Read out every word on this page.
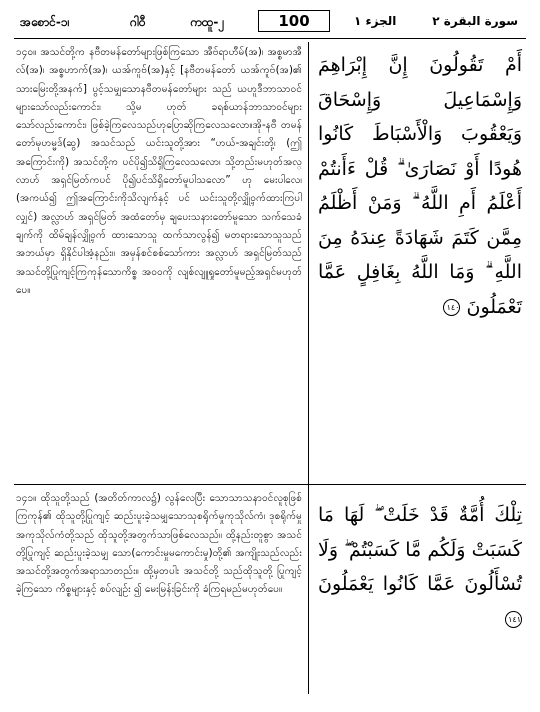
အစောင်-၁၊	ဂါဝီ	ကထူ-၂	100	الجزء ١	سورة البقرة ٢
၁၄၀။ အသင်တို့က နဗီတမန်တော်များဖြစ်ကြသော အီဗ်ရာဟီမ်(အ)၊ အစ္စမာအီလ်(အ)၊ အစ္စဟာက်(အ)၊ ယအ်ကူဗ်(အ)နှင့် [နဗီတမန်တော် ယအ်ကူဗ်(အ)၏ သားမြေးတို့အနက်] ပွင့်သမျှသောနဗီတမန်တော်များ သည် ယဟူဒီဘာသာဝင်များသော်လည်းကောင်း၊ သို့မ ဟုတ် ခရစ်ယာန်ဘာသာဝင်များသော်လည်းကောင်း၊ ဖြစ်ခဲ့ကြလေသည်ဟုပြောဆိုကြလေသလော။အို-နဗီ တမန်တော်မုဟမ္မဒ်(ဆွ) အသင်သည် ယင်းသူတို့အား “ဟယ်-အချင်းတို့၊ (ဤအကြောင်းကို) အသင်တို့က ပင်ပို၍သိရှိကြလေသလော၊ သို့တည်းမဟုတ်အလ္လာဟ် အရှင်မြတ်ကပင် ပို၍ပင်သိရှိတော်မူပါသလော” ဟု မေးပါလေ၊(အကယ်၍ ဤအကြောင်းကိုသိလျက်နှင့် ပင် ယင်းသူတို့လျှို့ဝှက်ထားကြပါလျှင်) အလ္လာဟ် အရှင်မြတ် အထံတော်မှ ချပေးသနားတော်မူသော သက်သေခံချက်ကို ထိမ်ချန်လျှို့ဝှက် ထားသောသူ ထက်သာလွန်၍ မတရားသောသူသည် အဘယ်မှာ ရှိနိုင်ပါအံ့နည်း။ အမှန်စင်စစ်သော်ကား အလ္လာဟ် အရှင်မြတ်သည် အသင်တို့ပြုကျင့်ကြကုန်သောကိစ္စ အဝဝကို လျစ်လျူရှုတော်မူမည့်အရှင်မဟုတ်ပေ။
أَمْ تَقُولُونَ إِنَّ إِبْرَاهِمَ وَإِسْمَاعِيلَ وَإِسْحَاقَ وَيَعْقُوبَ وَالْأَسْبَاطَ كَانُوا هُودًا أَوْ نَصَارَىٰ ۗ قُلْ ءَأَنتُمْ أَعْلَمُ أَمِ اللَّهُ ۗ وَمَنْ أَظْلَمُ مِمَّن كَتَمَ شَهَادَةً عِندَهُ مِنَ اللَّهِ ۗ وَمَا اللَّهُ بِغَافِلٍ عَمَّا تَعْمَلُونَ ١٤٠
၁၄၁။ ထိုသူတို့သည် (အတိတ်ကာလ၌) လွန်လေပြီး သောသာသနာဝင်လူစုဖြစ်ကြကုန်၏ ထိုသူတို့ပြုကျင့် ဆည်းပူးခဲ့သမျှသောသုစရိုက်မှုကုသိုလ်ကံ၊ ဒုစရိုက်မှု အကုသိုလ်ကံတို့သည် ထိုသူတို့အတွက်သာဖြစ်လေသည်။ ထို့နည်းတူစွာ အသင်တို့ပြုကျင့် ဆည်းပူးခဲ့သမျှ သော(ကောင်းမှုမကောင်းမှု)တို့၏ အကျိုးသည်လည်း အသင်တို့အတွက်အရာသာတည်း။ ထို့မှတပါး အသင်တို့ သည်ထိုသူတို့ ပြုကျင့်ခဲ့ကြသော ကိစ္စများနှင့် စပ်လျဉ်း ၍ မေးမြန်းခြင်းကို ခံကြရမည်မဟုတ်ပေ။
تِلْكَ أُمَّةٌ قَدْ خَلَتْ ۖ لَهَا مَا كَسَبَتْ وَلَكُم مَّا كَسَبْتُمْ ۖ وَلَا تُسْأَلُونَ عَمَّا كَانُوا يَعْمَلُونَ ١٤١
